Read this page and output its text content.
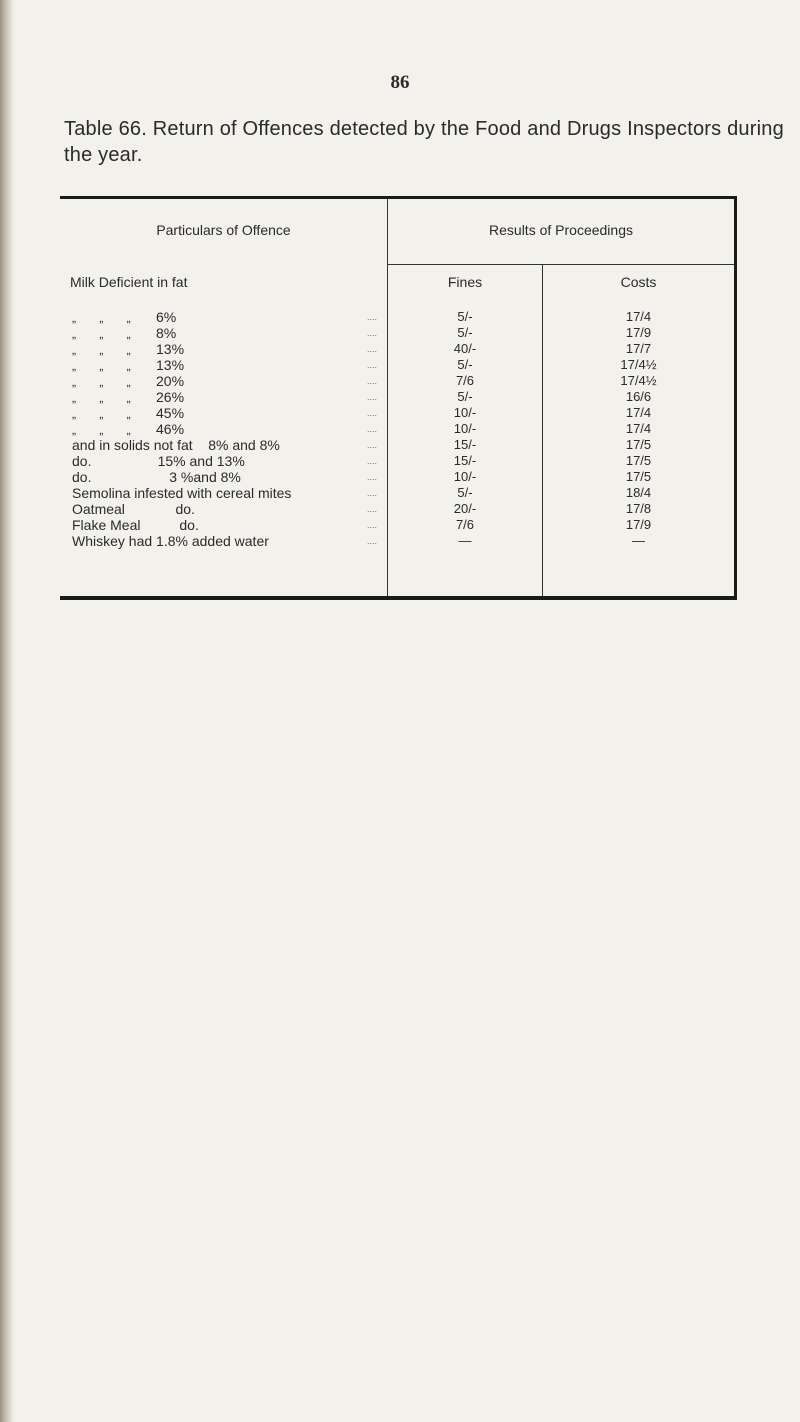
86
Table 66. Return of Offences detected by the Food and Drugs Inspectors during the year.
Particulars of Offence	Results of Proceedings
Milk Deficient in fat	Fines	Costs
„ „ „ 6%	....	5/-	17/4
„ „ „ 8%	....	5/-	17/9
„ „ „ 13%	....	40/-	17/7
„ „ „ 13%	....	5/-	17/4½
„ „ „ 20%	....	7/6	17/4½
„ „ „ 26%	....	5/-	16/6
„ „ „ 45%	....	10/-	17/4
„ „ „ 46%	....	10/-	17/4
and in solids not fat    8% and 8%	....	15/-	17/5
do.                 15% and 13%	....	15/-	17/5
do.                    3 %and 8%	....	10/-	17/5
Semolina infested with cereal mites	....	5/-	18/4
Oatmeal             do.	....	20/-	17/8
Flake Meal          do.	....	7/6	17/9
Whiskey had 1.8% added water	....	—	—
